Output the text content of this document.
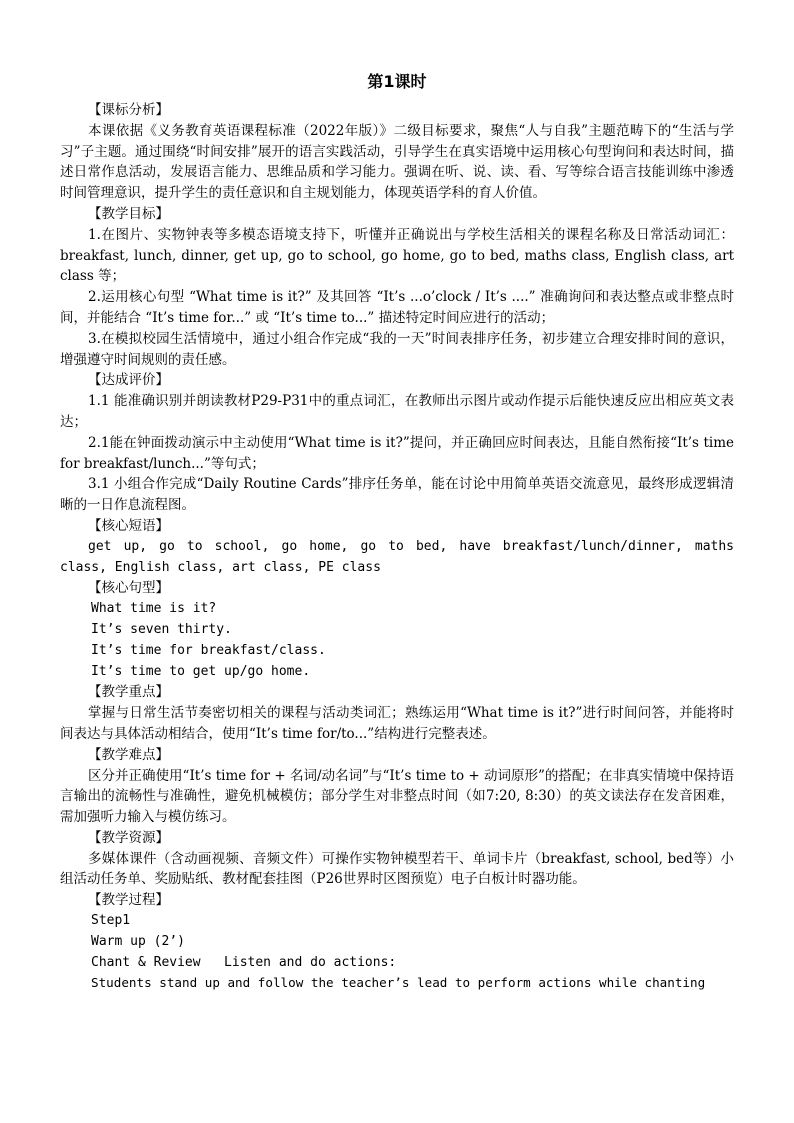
第1课时
【课标分析】

本课依据《义务教育英语课程标准（2022年版）》二级目标要求，聚焦“人与自我”主题范畴下的“生活与学习”子主题。通过围绕“时间安排”展开的语言实践活动，引导学生在真实语境中运用核心句型询问和表达时间，描述日常作息活动，发展语言能力、思维品质和学习能力。强调在听、说、读、看、写等综合语言技能训练中渗透时间管理意识，提升学生的责任意识和自主规划能力，体现英语学科的育人价值。

【教学目标】

1.在图片、实物钟表等多模态语境支持下，听懂并正确说出与学校生活相关的课程名称及日常活动词汇：breakfast, lunch, dinner, get up, go to school, go home, go to bed, maths class, English class, art class 等；

2.运用核心句型 “What time is it?” 及其回答 “It’s ...o’clock / It’s ....” 准确询问和表达整点或非整点时间，并能结合 “It’s time for...” 或 “It’s time to...” 描述特定时间应进行的活动；

3.在模拟校园生活情境中，通过小组合作完成“我的一天”时间表排序任务，初步建立合理安排时间的意识，增强遵守时间规则的责任感。

【达成评价】

1.1 能准确识别并朗读教材P29-P31中的重点词汇，在教师出示图片或动作提示后能快速反应出相应英文表达；

2.1能在钟面拨动演示中主动使用“What time is it?”提问，并正确回应时间表达，且能自然衔接“It’s time for breakfast/lunch...”等句式；

3.1 小组合作完成“Daily Routine Cards”排序任务单，能在讨论中用简单英语交流意见，最终形成逻辑清晰的一日作息流程图。

【核心短语】

get up, go to school, go home, go to bed, have breakfast/lunch/dinner, maths class, English class, art class, PE class

【核心句型】

What time is it?

It’s seven thirty.

It’s time for breakfast/class.

It’s time to get up/go home.

【教学重点】

掌握与日常生活节奏密切相关的课程与活动类词汇；熟练运用“What time is it?”进行时间问答，并能将时间表达与具体活动相结合，使用“It’s time for/to...”结构进行完整表述。

【教学难点】

区分并正确使用“It’s time for + 名词/动名词”与“It’s time to + 动词原形”的搭配；在非真实情境中保持语言输出的流畅性与准确性，避免机械模仿；部分学生对非整点时间（如7:20, 8:30）的英文读法存在发音困难，需加强听力输入与模仿练习。

【教学资源】

多媒体课件（含动画视频、音频文件）可操作实物钟模型若干、单词卡片（breakfast, school, bed等）小组活动任务单、奖励贴纸、教材配套挂图（P26世界时区图预览）电子白板计时器功能。

【教学过程】

Step1

Warm up (2’)

Chant & Review   Listen and do actions:

Students stand up and follow the teacher’s lead to perform actions while chanting
